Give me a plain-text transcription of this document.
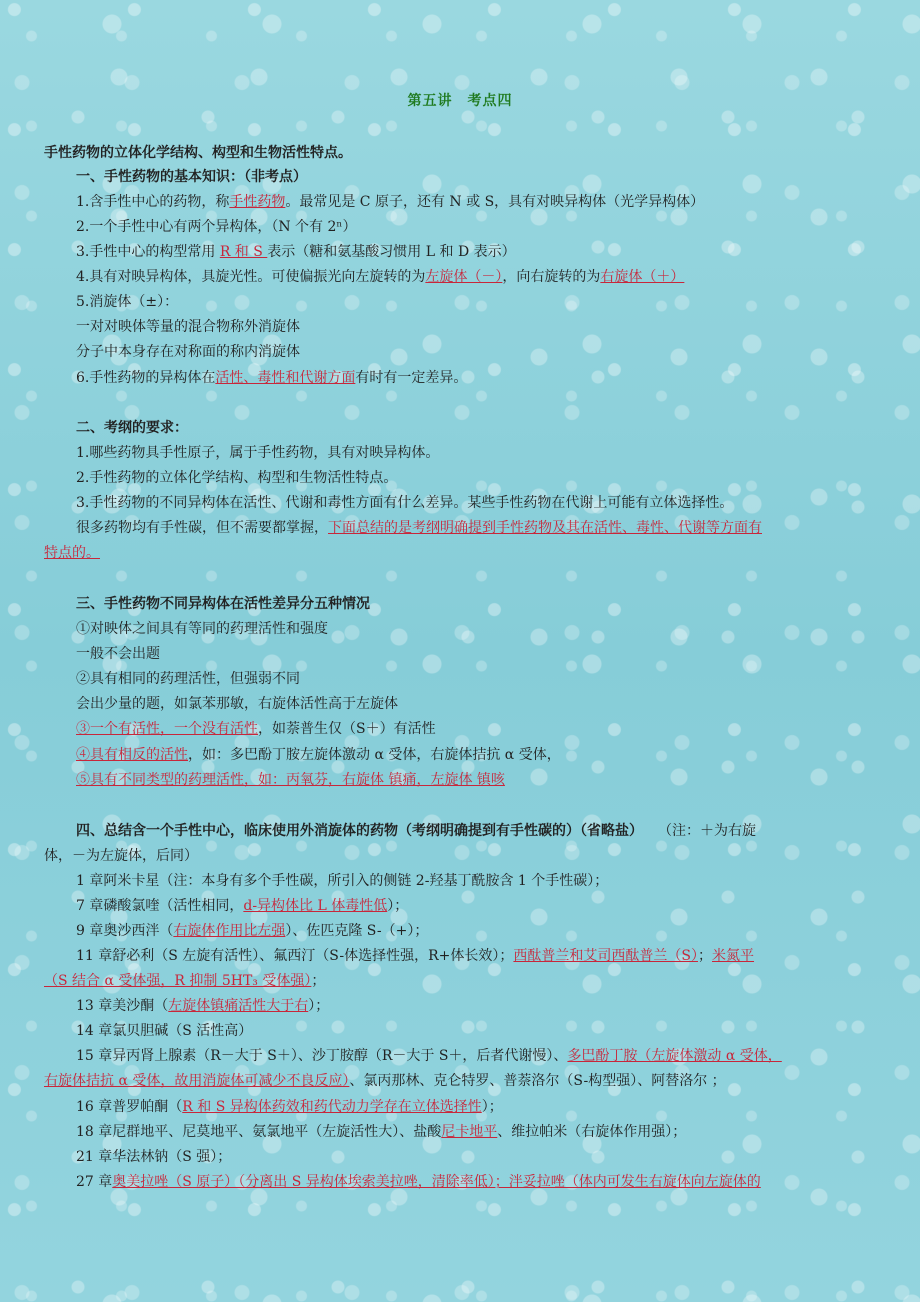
第五讲　考点四
手性药物的立体化学结构、构型和生物活性特点。
一、手性药物的基本知识：（非考点）
1.含手性中心的药物，称手性药物。最常见是 C 原子，还有 N 或 S，具有对映异构体（光学异构体）
2.一个手性中心有两个异构体，（N 个有 2ⁿ）
3.手性中心的构型常用 R 和 S 表示（糖和氨基酸习惯用 L 和 D 表示）
4.具有对映异构体，具旋光性。可使偏振光向左旋转的为左旋体（－），向右旋转的为右旋体（＋）
5.消旋体（±）：
一对对映体等量的混合物称外消旋体
分子中本身存在对称面的称内消旋体
6.手性药物的异构体在活性、毒性和代谢方面有时有一定差异。
二、考纲的要求：
1.哪些药物具手性原子，属于手性药物，具有对映异构体。
2.手性药物的立体化学结构、构型和生物活性特点。
3.手性药物的不同异构体在活性、代谢和毒性方面有什么差异。某些手性药物在代谢上可能有立体选择性。
很多药物均有手性碳，但不需要都掌握，下面总结的是考纲明确提到手性药物及其在活性、毒性、代谢等方面有
特点的。
三、手性药物不同异构体在活性差异分五种情况
①对映体之间具有等同的药理活性和强度
一般不会出题
②具有相同的药理活性，但强弱不同
会出少量的题，如氯苯那敏，右旋体活性高于左旋体
③一个有活性，一个没有活性，如萘普生仅（S＋）有活性
④具有相反的活性，如：多巴酚丁胺左旋体激动 α 受体，右旋体拮抗 α 受体，
⑤具有不同类型的药理活性，如：丙氧芬，右旋体 镇痛，左旋体 镇咳
四、总结含一个手性中心，临床使用外消旋体的药物（考纲明确提到有手性碳的）（省略盐） （注：＋为右旋
体，－为左旋体，后同）
1 章阿米卡星（注：本身有多个手性碳，所引入的侧链 2-羟基丁酰胺含 1 个手性碳）；
7 章磷酸氯喹（活性相同，d-异构体比 L 体毒性低）；
9 章奥沙西泮（右旋体作用比左强）、佐匹克隆 S-（+）；
11 章舒必利（S 左旋有活性）、氟西汀（S-体选择性强，R+体长效）；西酞普兰和艾司西酞普兰（S）；米氮平
（S 结合 α 受体强，R 抑制 5HT₃ 受体强）；
13 章美沙酮（左旋体镇痛活性大于右）；
14 章氯贝胆碱（S 活性高）
15 章异丙肾上腺素（R－大于 S＋）、沙丁胺醇（R－大于 S＋，后者代谢慢）、多巴酚丁胺（左旋体激动 α 受体，
右旋体拮抗 α 受体，故用消旋体可减少不良反应）、氯丙那林、克仑特罗、普萘洛尔（S-构型强）、阿替洛尔 ；
16 章普罗帕酮（R 和 S 异构体药效和药代动力学存在立体选择性）；
18 章尼群地平、尼莫地平、氨氯地平（左旋活性大）、盐酸尼卡地平、维拉帕米（右旋体作用强）；
21 章华法林钠（S 强）；
27 章奥美拉唑（S 原子）（分离出 S 异构体埃索美拉唑，清除率低）；泮妥拉唑（体内可发生右旋体向左旋体的
